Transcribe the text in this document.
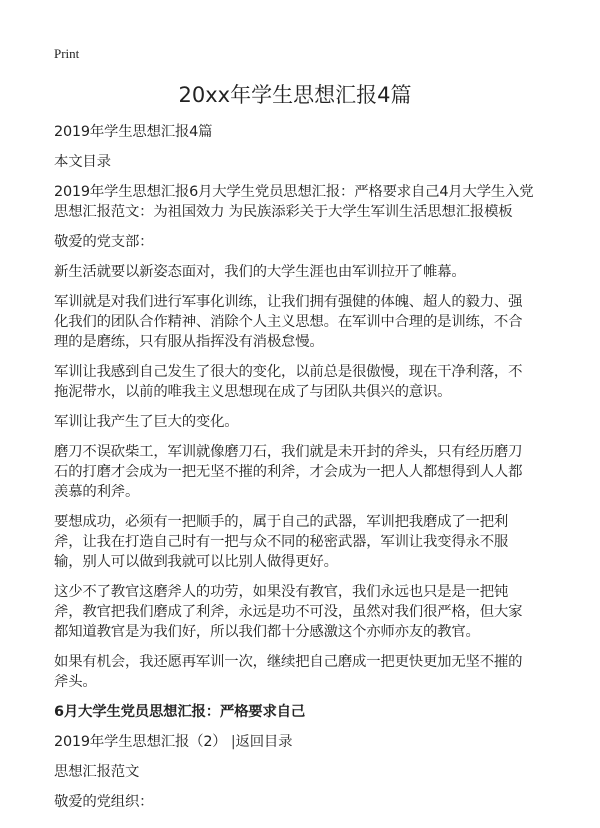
Print
20xx年学生思想汇报4篇

2019年学生思想汇报4篇

本文目录

2019年学生思想汇报6月大学生党员思想汇报：严格要求自己4月大学生入党思想汇报范文：为祖国效力 为民族添彩关于大学生军训生活思想汇报模板

敬爱的党支部：

新生活就要以新姿态面对，我们的大学生涯也由军训拉开了帷幕。

军训就是对我们进行军事化训练，让我们拥有强健的体魄、超人的毅力、强化我们的团队合作精神、消除个人主义思想。在军训中合理的是训练，不合理的是磨练，只有服从指挥没有消极怠慢。

军训让我感到自己发生了很大的变化，以前总是很傲慢，现在干净利落，不拖泥带水，以前的唯我主义思想现在成了与团队共俱兴的意识。

军训让我产生了巨大的变化。

磨刀不误砍柴工，军训就像磨刀石，我们就是未开封的斧头，只有经历磨刀石的打磨才会成为一把无坚不摧的利斧，才会成为一把人人都想得到人人都羡慕的利斧。

要想成功，必须有一把顺手的，属于自己的武器，军训把我磨成了一把利斧，让我在打造自己时有一把与众不同的秘密武器，军训让我变得永不服输，别人可以做到我就可以比别人做得更好。

这少不了教官这磨斧人的功劳，如果没有教官，我们永远也只是是一把钝斧，教官把我们磨成了利斧，永远是功不可没，虽然对我们很严格，但大家都知道教官是为我们好，所以我们都十分感激这个亦师亦友的教官。

如果有机会，我还愿再军训一次，继续把自己磨成一把更快更加无坚不摧的斧头。

6月大学生党员思想汇报：严格要求自己

2019年学生思想汇报（2） |返回目录

思想汇报范文

敬爱的党组织：
